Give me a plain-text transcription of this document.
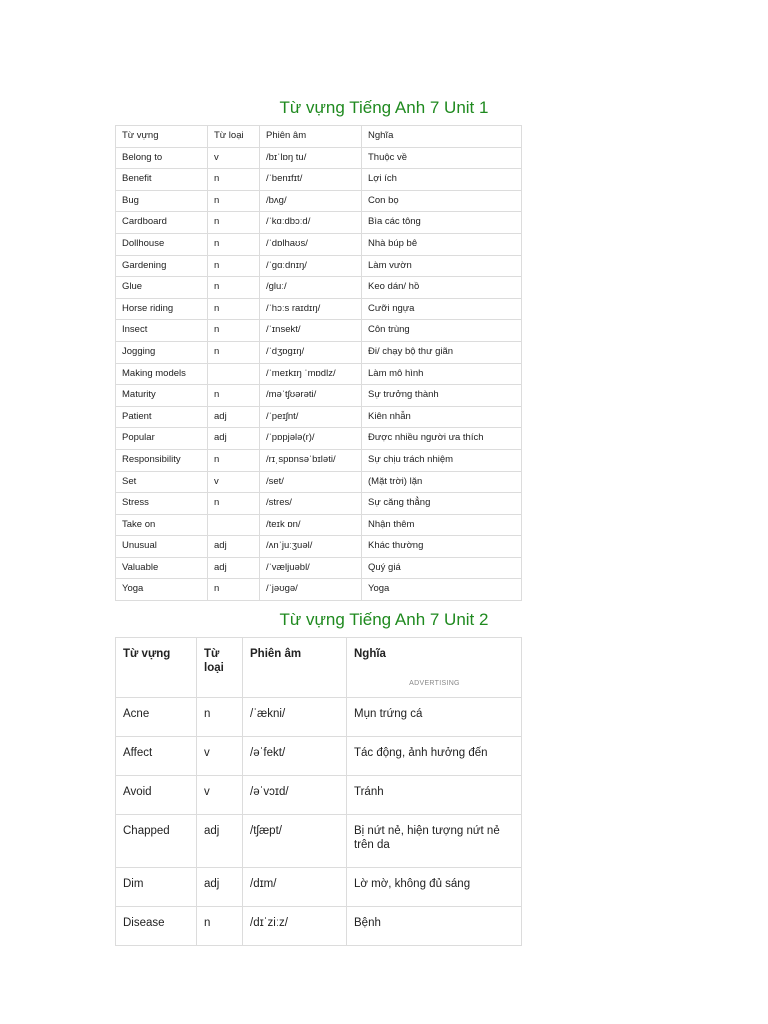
Từ vựng Tiếng Anh 7 Unit 1
Từ vựng	Từ loại	Phiên âm	Nghĩa
Belong to	v	/bɪˈlɒŋ tu/	Thuộc về
Benefit	n	/ˈbenɪfɪt/	Lợi ích
Bug	n	/bʌɡ/	Con bọ
Cardboard	n	/ˈkɑːdbɔːd/	Bìa các tông
Dollhouse	n	/ˈdɒlhaʊs/	Nhà búp bê
Gardening	n	/ˈɡɑːdnɪŋ/	Làm vườn
Glue	n	/ɡluː/	Keo dán/ hồ
Horse riding	n	/ˈhɔːs raɪdɪŋ/	Cưỡi ngựa
Insect	n	/ˈɪnsekt/	Côn trùng
Jogging	n	/ˈdʒɒɡɪŋ/	Đi/ chạy bộ thư giãn
Making models		/ˈmeɪkɪŋ ˈmɒdlz/	Làm mô hình
Maturity	n	/məˈtʃʊərəti/	Sự trưởng thành
Patient	adj	/ˈpeɪʃnt/	Kiên nhẫn
Popular	adj	/ˈpɒpjələ(r)/	Được nhiều người ưa thích
Responsibility	n	/rɪˌspɒnsəˈbɪləti/	Sự chịu trách nhiệm
Set	v	/set/	(Mặt trời) lặn
Stress	n	/stres/	Sự căng thẳng
Take on		/teɪk ɒn/	Nhận thêm
Unusual	adj	/ʌnˈjuːʒuəl/	Khác thường
Valuable	adj	/ˈvæljuəbl/	Quý giá
Yoga	n	/ˈjəʊɡə/	Yoga
Từ vựng Tiếng Anh 7 Unit 2
Từ vựng	Từ loại	Phiên âm	Nghĩa
ADVERTISING

Acne	n	/ˈækni/	Mụn trứng cá
Affect	v	/əˈfekt/	Tác động, ảnh hưởng đến
Avoid	v	/əˈvɔɪd/	Tránh
Chapped	adj	/tʃæpt/	Bị nứt nẻ, hiện tượng nứt nẻ trên da
Dim	adj	/dɪm/	Lờ mờ, không đủ sáng
Disease	n	/dɪˈziːz/	Bệnh
